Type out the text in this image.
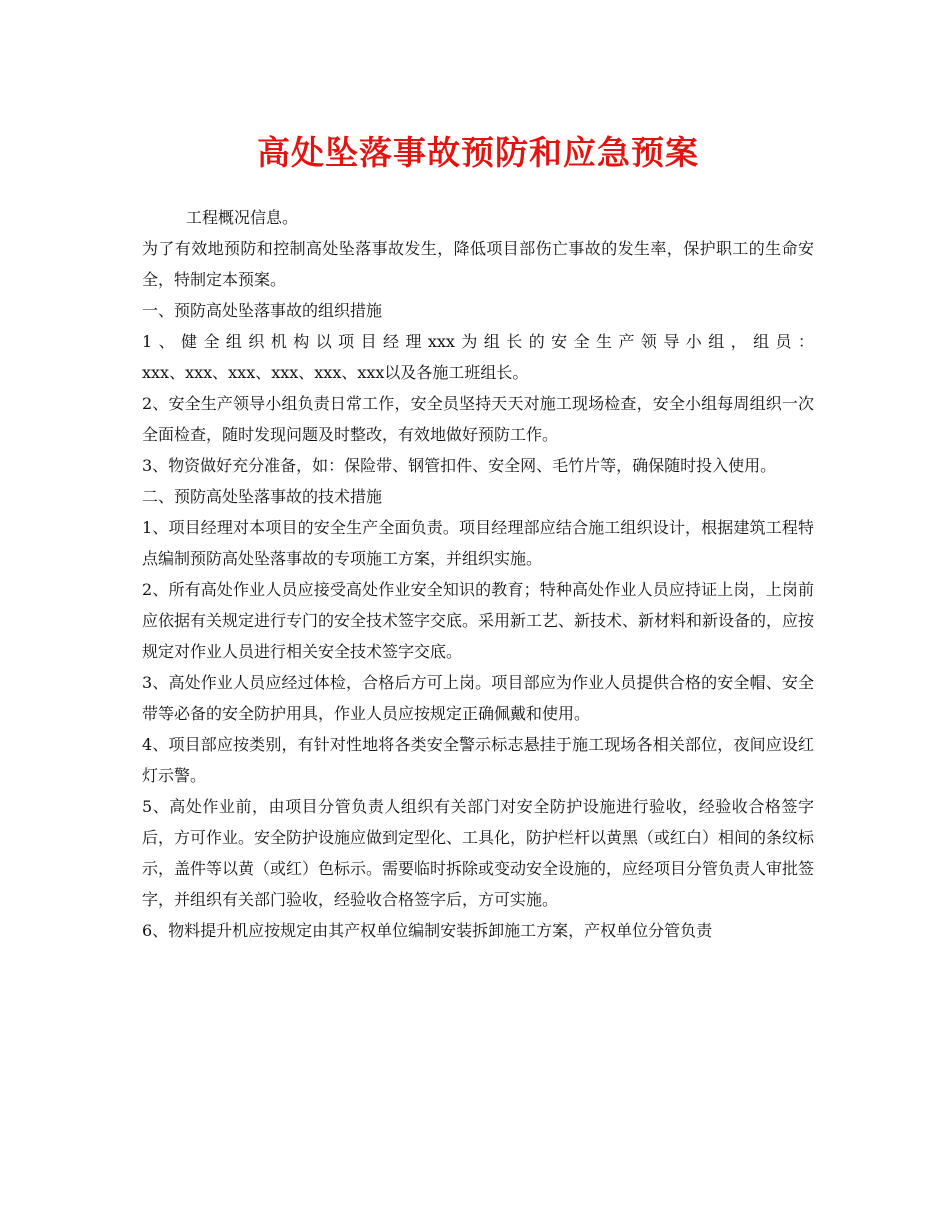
高处坠落事故预防和应急预案

工程概况信息。

为了有效地预防和控制高处坠落事故发生，降低项目部伤亡事故的发生率，保护职工的生命安全，特制定本预案。

一、预防高处坠落事故的组织措施

1、健全组织机构以项目经理xxx为组长的安全生产领导小组，组员：

xxx、xxx、xxx、xxx、xxx、xxx以及各施工班组长。

2、安全生产领导小组负责日常工作，安全员坚持天天对施工现场检查，安全小组每周组织一次全面检查，随时发现问题及时整改，有效地做好预防工作。

3、物资做好充分准备，如：保险带、钢管扣件、安全网、毛竹片等，确保随时投入使用。

二、预防高处坠落事故的技术措施

1、项目经理对本项目的安全生产全面负责。项目经理部应结合施工组织设计，根据建筑工程特点编制预防高处坠落事故的专项施工方案，并组织实施。

2、所有高处作业人员应接受高处作业安全知识的教育；特种高处作业人员应持证上岗，上岗前应依据有关规定进行专门的安全技术签字交底。采用新工艺、新技术、新材料和新设备的，应按规定对作业人员进行相关安全技术签字交底。

3、高处作业人员应经过体检，合格后方可上岗。项目部应为作业人员提供合格的安全帽、安全带等必备的安全防护用具，作业人员应按规定正确佩戴和使用。

4、项目部应按类别，有针对性地将各类安全警示标志悬挂于施工现场各相关部位，夜间应设红灯示警。

5、高处作业前，由项目分管负责人组织有关部门对安全防护设施进行验收，经验收合格签字后，方可作业。安全防护设施应做到定型化、工具化，防护栏杆以黄黑（或红白）相间的条纹标示，盖件等以黄（或红）色标示。需要临时拆除或变动安全设施的，应经项目分管负责人审批签字，并组织有关部门验收，经验收合格签字后，方可实施。

6、物料提升机应按规定由其产权单位编制安装拆卸施工方案，产权单位分管负责
